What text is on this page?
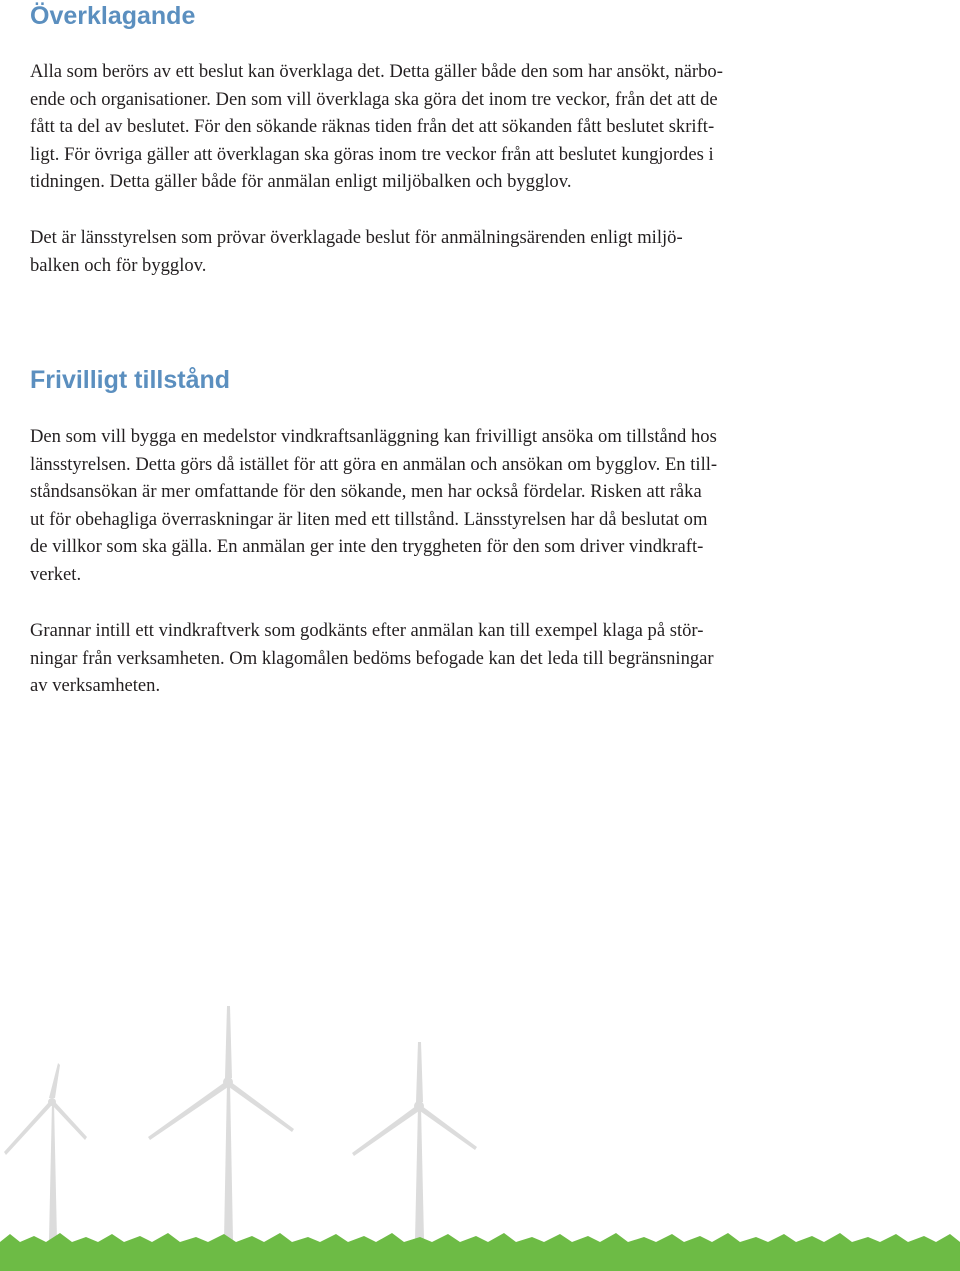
Överklagande

Alla som berörs av ett beslut kan överklaga det. Detta gäller både den som har ansökt, närbo-
ende och organisationer. Den som vill överklaga ska göra det inom tre veckor, från det att de
fått ta del av beslutet. För den sökande räknas tiden från det att sökanden fått beslutet skrift-
ligt. För övriga gäller att överklagan ska göras inom tre veckor från att beslutet kungjordes i
tidningen. Detta gäller både för anmälan enligt miljöbalken och bygglov.

Det är länsstyrelsen som prövar överklagade beslut för anmälningsärenden enligt miljö-
balken och för bygglov.

Frivilligt tillstånd

Den som vill bygga en medelstor vindkraftsanläggning kan frivilligt ansöka om tillstånd hos
länsstyrelsen. Detta görs då istället för att göra en anmälan och ansökan om bygglov. En till-
ståndsansökan är mer omfattande för den sökande, men har också fördelar. Risken att råka
ut för obehagliga överraskningar är liten med ett tillstånd. Länsstyrelsen har då beslutat om
de villkor som ska gälla. En anmälan ger inte den tryggheten för den som driver vindkraft-
verket.

Grannar intill ett vindkraftverk som godkänts efter anmälan kan till exempel klaga på stör-
ningar från verksamheten. Om klagomålen bedöms befogade kan det leda till begränsningar
av verksamheten.
